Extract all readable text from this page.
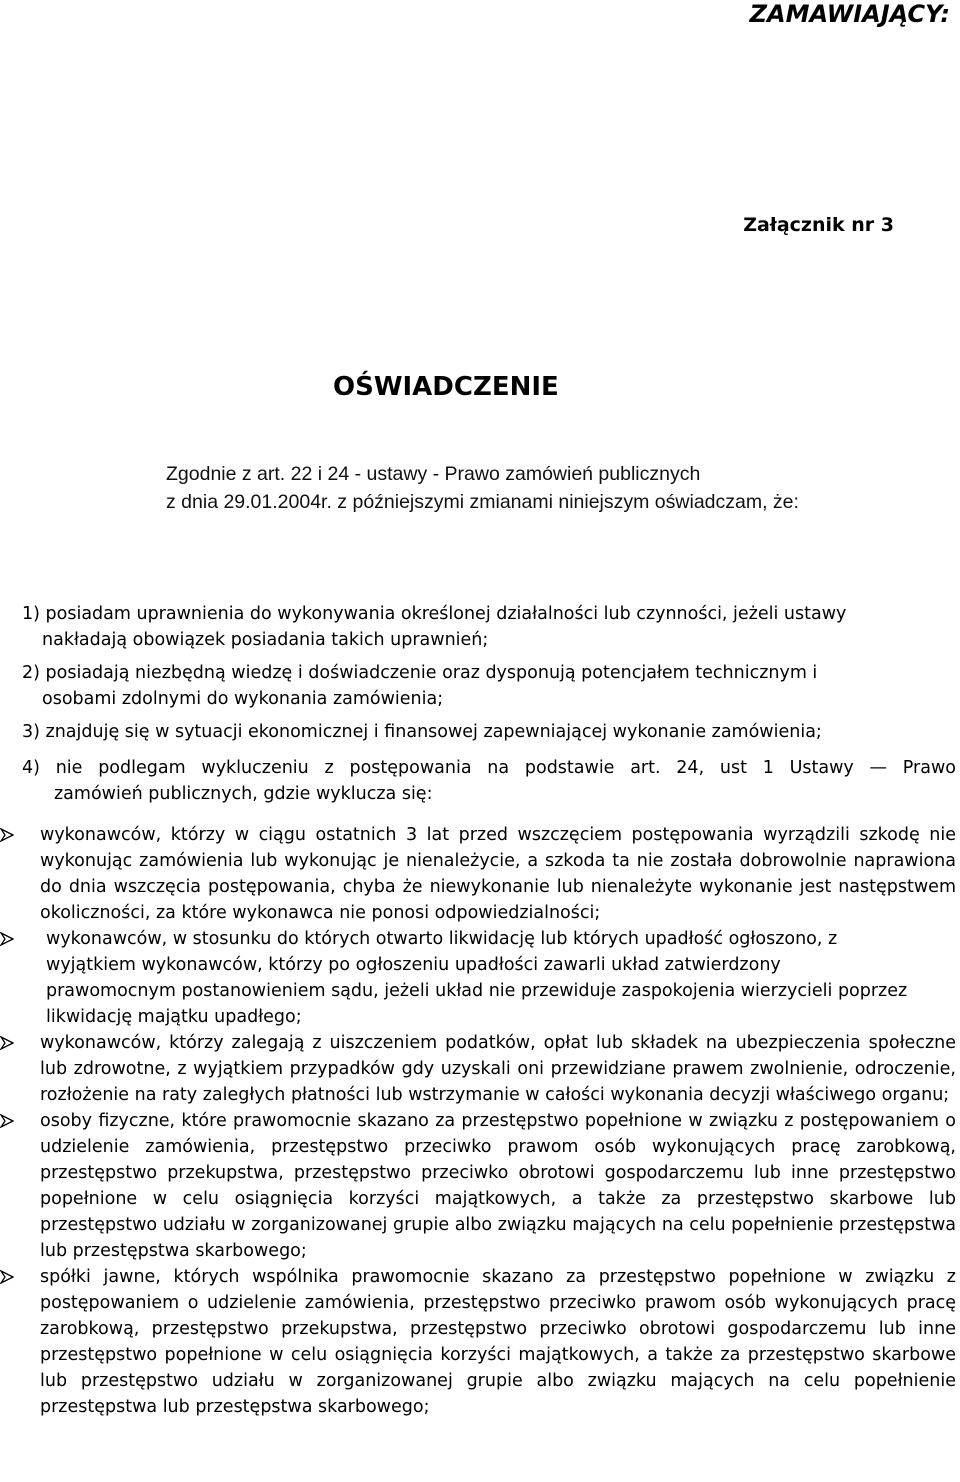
ZAMAWIAJĄCY:

Załącznik nr 3

OŚWIADCZENIE

Zgodnie z art. 22 i 24 - ustawy - Prawo zamówień publicznych
z dnia 29.01.2004r. z późniejszymi zmianami niniejszym oświadczam, że:

1) posiadam uprawnienia do wykonywania określonej działalności lub czynności, jeżeli ustawy

nakładają obowiązek posiadania takich uprawnień;

2) posiadają niezbędną wiedzę i doświadczenie oraz dysponują potencjałem technicznym i

osobami zdolnymi do wykonania zamówienia;

3) znajduję się w sytuacji ekonomicznej i finansowej zapewniającej wykonanie zamówienia;

4) nie podlegam wykluczeniu z postępowania na podstawie art. 24, ust 1 Ustawy — Prawo

zamówień publicznych, gdzie wyklucza się:

wykonawców, którzy w ciągu ostatnich 3 lat przed wszczęciem postępowania wyrządzili szkodę nie wykonując zamówienia lub wykonując je nienależycie, a szkoda ta nie została dobrowolnie naprawiona do dnia wszczęcia postępowania, chyba że niewykonanie lub nienależyte wykonanie jest następstwem okoliczności, za które wykonawca nie ponosi odpowiedzialności;

wykonawców, w stosunku do których otwarto likwidację lub których upadłość ogłoszono, z wyjątkiem wykonawców, którzy po ogłoszeniu upadłości zawarli układ zatwierdzony prawomocnym postanowieniem sądu, jeżeli układ nie przewiduje zaspokojenia wierzycieli poprzez likwidację majątku upadłego;

wykonawców, którzy zalegają z uiszczeniem podatków, opłat lub składek na ubezpieczenia społeczne lub zdrowotne, z wyjątkiem przypadków gdy uzyskali oni przewidziane prawem zwolnienie, odroczenie, rozłożenie na raty zaległych płatności lub wstrzymanie w całości wykonania decyzji właściwego organu;

osoby fizyczne, które prawomocnie skazano za przestępstwo popełnione w związku z postępowaniem o udzielenie zamówienia, przestępstwo przeciwko prawom osób wykonujących pracę zarobkową, przestępstwo przekupstwa, przestępstwo przeciwko obrotowi gospodarczemu lub inne przestępstwo popełnione w celu osiągnięcia korzyści majątkowych, a także za przestępstwo skarbowe lub przestępstwo udziału w zorganizowanej grupie albo związku mających na celu popełnienie przestępstwa lub przestępstwa skarbowego;

spółki jawne, których wspólnika prawomocnie skazano za przestępstwo popełnione w związku z postępowaniem o udzielenie zamówienia, przestępstwo przeciwko prawom osób wykonujących pracę zarobkową, przestępstwo przekupstwa, przestępstwo przeciwko obrotowi gospodarczemu lub inne przestępstwo popełnione w celu osiągnięcia korzyści majątkowych, a także za przestępstwo skarbowe lub przestępstwo udziału w zorganizowanej grupie albo związku mających na celu popełnienie przestępstwa lub przestępstwa skarbowego;
